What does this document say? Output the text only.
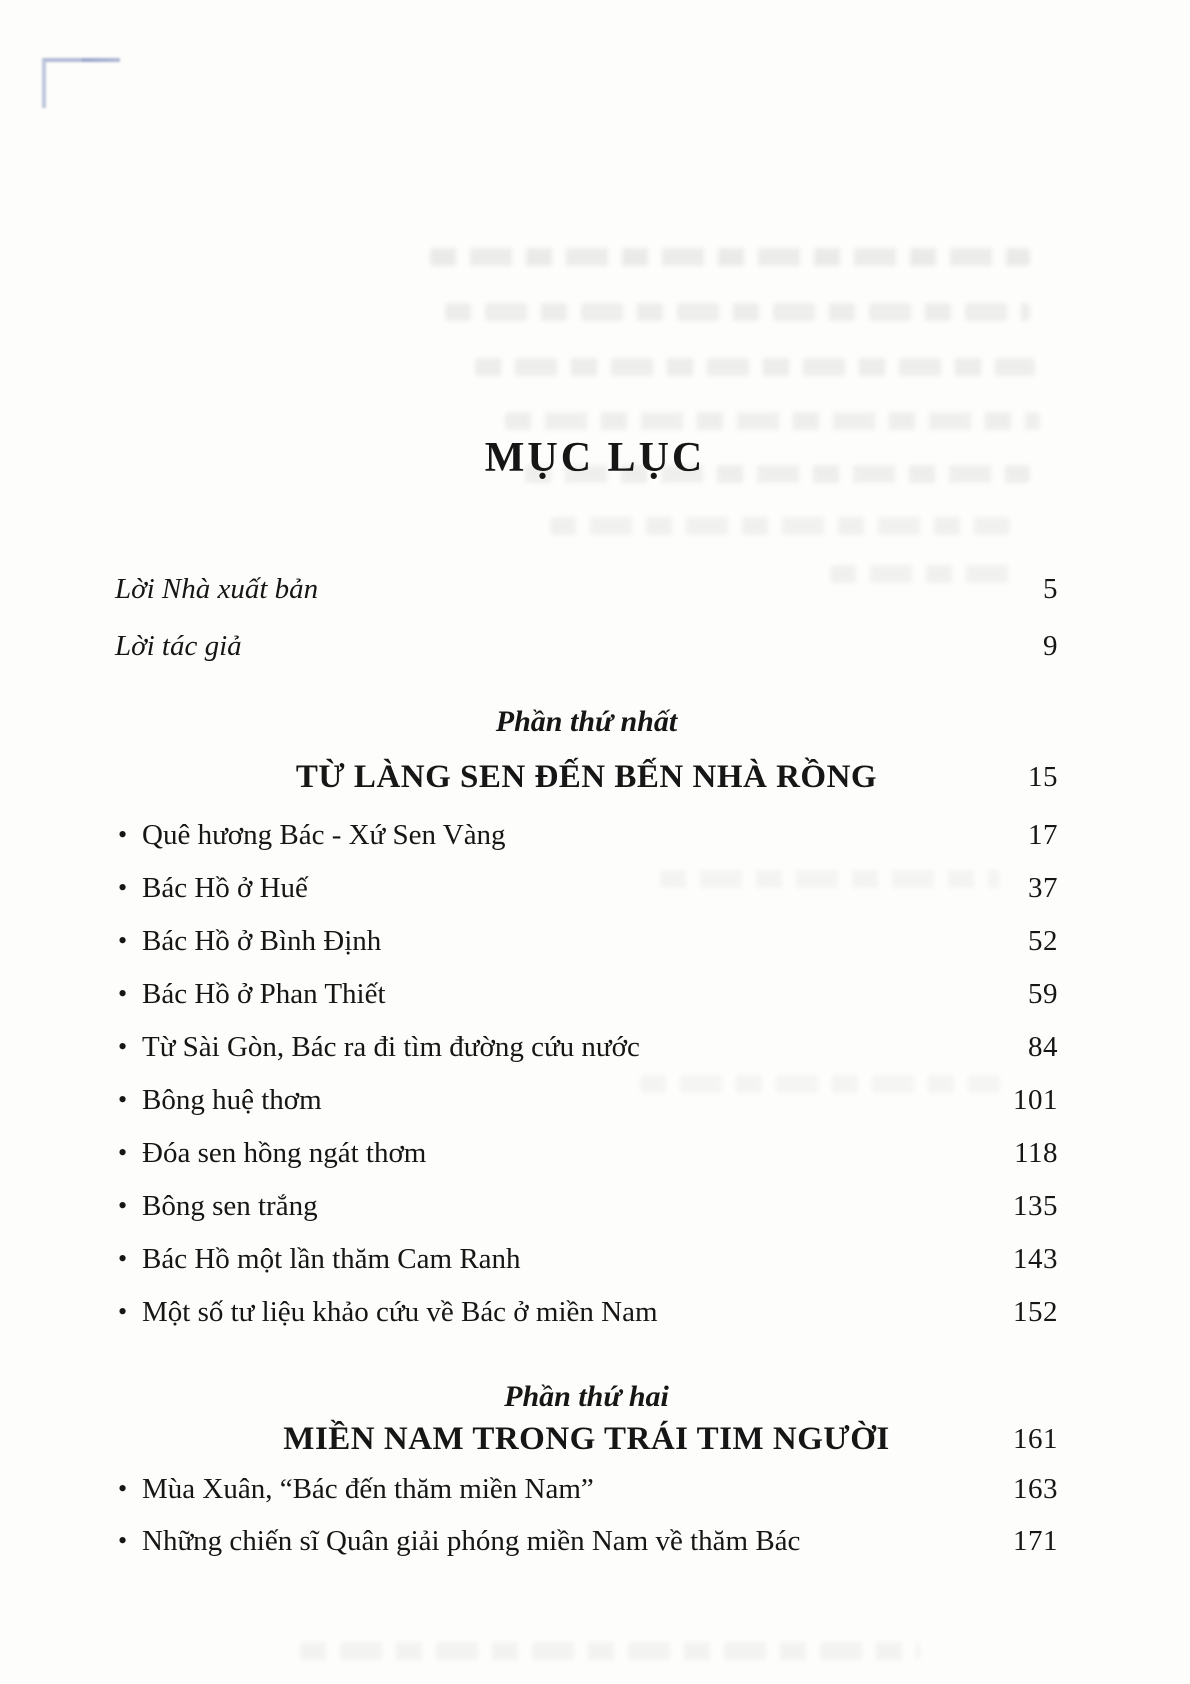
MỤC LỤC
Lời Nhà xuất bản	5
Lời tác giả	9
Phần thứ nhất
TỪ LÀNG SEN ĐẾN BẾN NHÀ RỒNG	15
• Quê hương Bác - Xứ Sen Vàng	17
• Bác Hồ ở Huế	37
• Bác Hồ ở Bình Định	52
• Bác Hồ ở Phan Thiết	59
• Từ Sài Gòn, Bác ra đi tìm đường cứu nước	84
• Bông huệ thơm	101
• Đóa sen hồng ngát thơm	118
• Bông sen trắng	135
• Bác Hồ một lần thăm Cam Ranh	143
• Một số tư liệu khảo cứu về Bác ở miền Nam	152
Phần thứ hai
MIỀN NAM TRONG TRÁI TIM NGƯỜI	161
• Mùa Xuân, “Bác đến thăm miền Nam”	163
• Những chiến sĩ Quân giải phóng miền Nam về thăm Bác	171
